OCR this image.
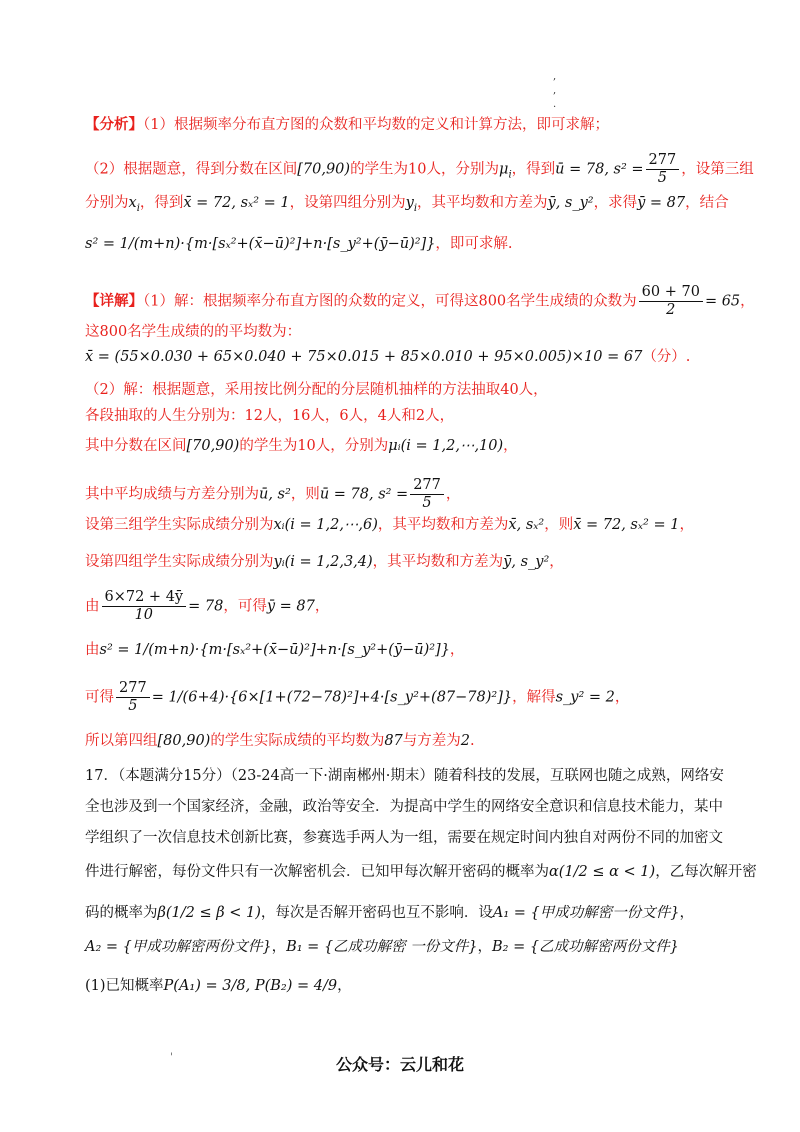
,
,
.
【分析】（1）根据频率分布直方图的众数和平均数的定义和计算方法，即可求解；
（2）根据题意，得到分数在区间[70,90)的学生为10人，分别为$\mu_i$，得到ū = 78, $s^2 = \frac{277}{5}$ ，设第三组
分别为$x_i$，得到x̄ = 72, sₓ² = 1，设第四组分别为$y_i$，其平均数和方差为ȳ, s_y²，求得ȳ = 87，结合
s² = 1/(m+n)·{m·[sₓ²+(x̄−ū)²]+n·[s_y²+(ȳ−ū)²]}，即可求解.
【详解】（1）解：根据频率分布直方图的众数的定义，可得这800名学生成绩的众数为 $\frac{60 + 70}{2} = 65$，
这800名学生成绩的的平均数为：
x̄ = (55×0.030 + 65×0.040 + 75×0.015 + 85×0.010 + 95×0.005)×10 = 67（分）.
（2）解：根据题意，采用按比例分配的分层随机抽样的方法抽取40人，
各段抽取的人生分别为：12人，16人，6人，4人和2人，
其中分数在区间[70,90)的学生为10人，分别为μᵢ(i = 1,2,⋯,10)，
其中平均成绩与方差分别为ū, s²，则ū = 78, $s^2 = \frac{277}{5}$ ，
设第三组学生实际成绩分别为xᵢ(i = 1,2,⋯,6)，其平均数和方差为x̄, sₓ²，则x̄ = 72, sₓ² = 1，
设第四组学生实际成绩分别为yᵢ(i = 1,2,3,4)，其平均数和方差为ȳ, s_y²，
由 $\frac{6\times 72 + 4ȳ}{10} = 78$，可得ȳ = 87，
由s² = 1/(m+n)·{m·[sₓ²+(x̄−ū)²]+n·[s_y²+(ȳ−ū)²]}，
可得 $\frac{277}{5}$ = 1/(6+4)·{6×[1+(72−78)²]+4·[s_y²+(87−78)²]}，解得s_y² = 2，
所以第四组[80,90)的学生实际成绩的平均数为87与方差为2.
17．（本题满分15分）（23-24高一下·湖南郴州·期末）随着科技的发展，互联网也随之成熟，网络安
全也涉及到一个国家经济，金融，政治等安全．为提高中学生的网络安全意识和信息技术能力，某中
学组织了一次信息技术创新比赛，参赛选手两人为一组，需要在规定时间内独自对两份不同的加密文
件进行解密，每份文件只有一次解密机会．已知甲每次解开密码的概率为α(1/2 ≤ α < 1)，乙每次解开密
码的概率为β(1/2 ≤ β < 1)，每次是否解开密码也互不影响．设A₁ = {甲成功解密一份文件}，
A₂ = {甲成功解密两份文件}，B₁ = {乙成功解密 一份文件}，B₂ = {乙成功解密两份文件}
(1)已知概率P(A₁) = 3/8, P(B₂) = 4/9，
'	公众号：云儿和花
